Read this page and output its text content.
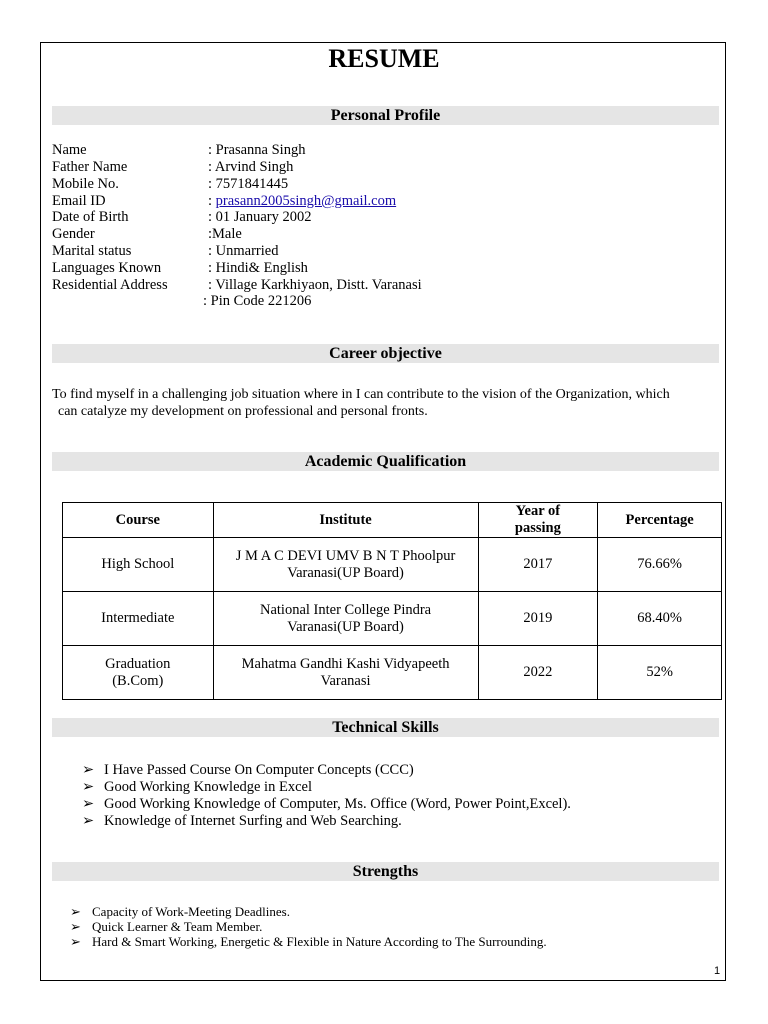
RESUME
Personal Profile
Name	: Prasanna Singh
Father Name	: Arvind Singh
Mobile No.	: 7571841445
Email ID	: prasann2005singh@gmail.com
Date of Birth	: 01 January 2002
Gender	:Male
Marital status	: Unmarried
Languages Known	: Hindi& English
Residential Address	: Village Karkhiyaon, Distt. Varanasi
: Pin Code 221206
Career objective
To find myself in a challenging job situation where in I can contribute to the vision of the Organization, which
can catalyze my development on professional and personal fronts.
Academic Qualification
Course	Institute	Year of passing	Percentage
High School	J M A C DEVI UMV B N T Phoolpur Varanasi(UP Board)	2017	76.66%
Intermediate	National Inter College Pindra Varanasi(UP Board)	2019	68.40%
Graduation (B.Com)	Mahatma Gandhi Kashi Vidyapeeth Varanasi	2022	52%
Technical Skills
➢ I Have Passed Course On Computer Concepts (CCC)
➢ Good Working Knowledge in Excel
➢ Good Working Knowledge of Computer, Ms. Office (Word, Power Point,Excel).
➢ Knowledge of Internet Surfing and Web Searching.
Strengths
➢ Capacity of Work-Meeting Deadlines.
➢ Quick Learner & Team Member.
➢ Hard & Smart Working, Energetic & Flexible in Nature According to The Surrounding.
1
